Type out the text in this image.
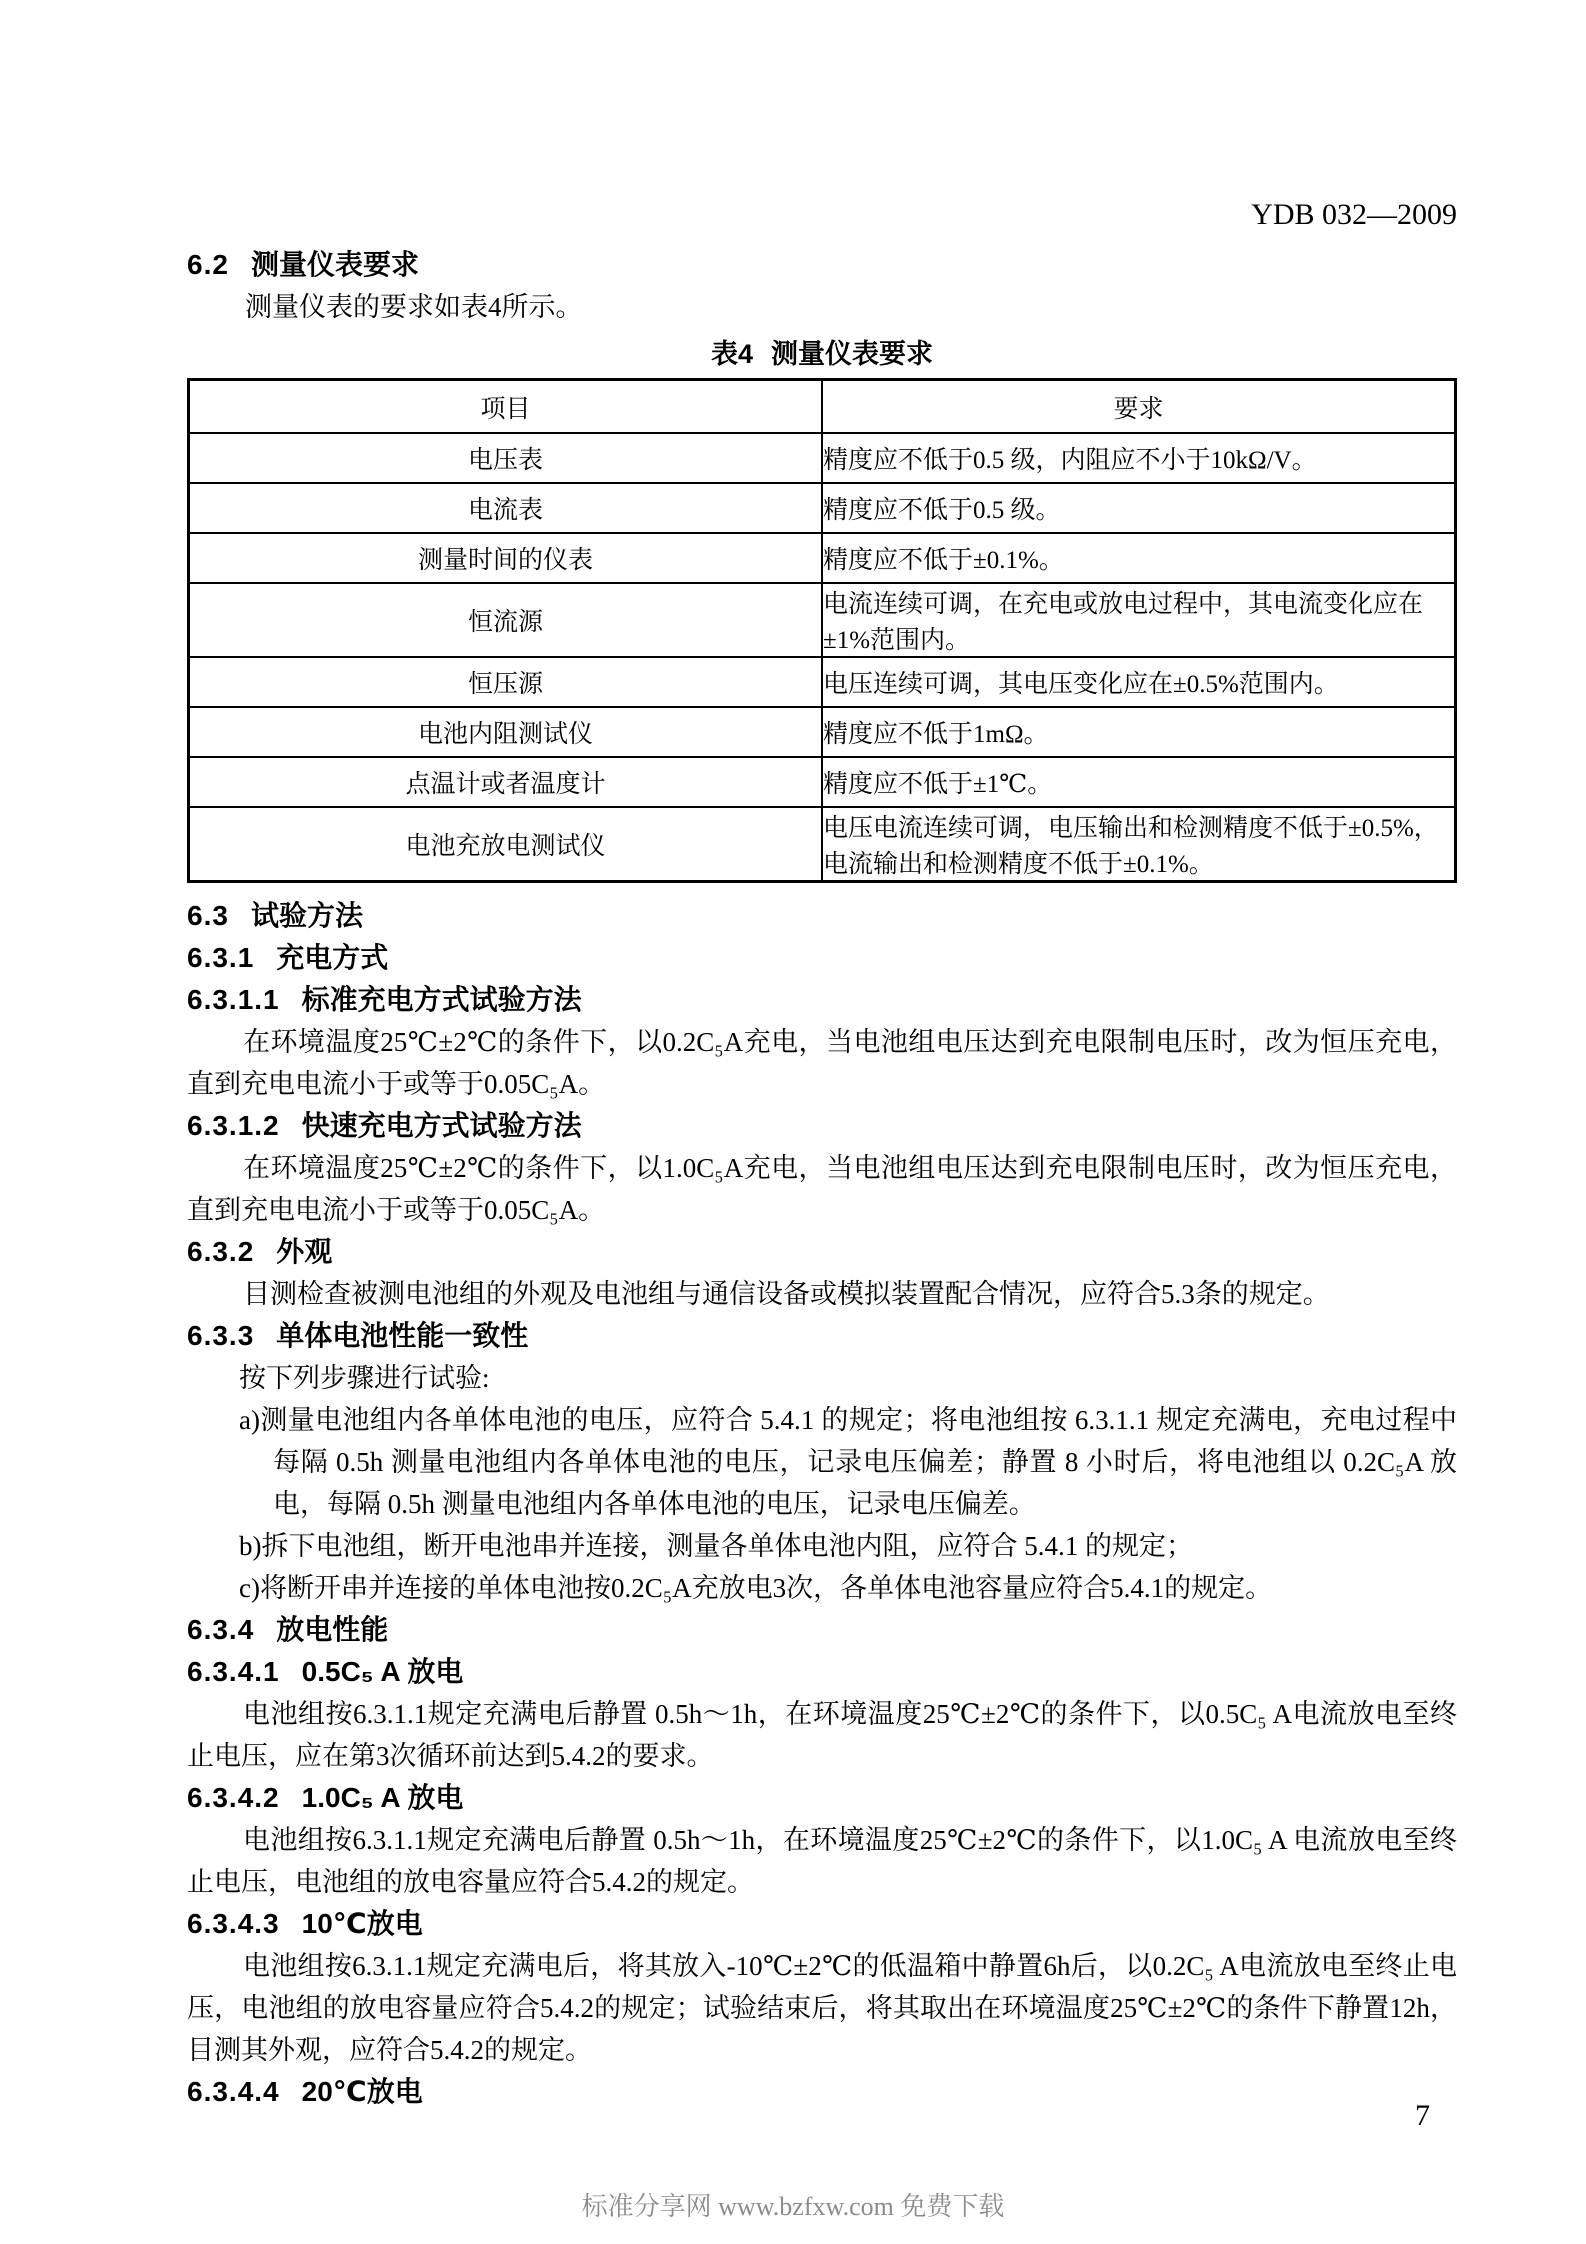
YDB 032—2009

6.2 测量仪表要求

测量仪表的要求如表4所示。

表4 测量仪表要求
项目	要求
电压表	精度应不低于0.5 级，内阻应不小于10kΩ/V。
电流表	精度应不低于0.5 级。
测量时间的仪表	精度应不低于±0.1%。
恒流源	电流连续可调，在充电或放电过程中，其电流变化应在±1%范围内。
恒压源	电压连续可调，其电压变化应在±0.5%范围内。
电池内阻测试仪	精度应不低于1mΩ。
点温计或者温度计	精度应不低于±1℃。
电池充放电测试仪	电压电流连续可调，电压输出和检测精度不低于±0.5%，电流输出和检测精度不低于±0.1%。

6.3 试验方法

6.3.1 充电方式

6.3.1.1 标准充电方式试验方法

在环境温度25℃±2℃的条件下，以0.2C₅A充电，当电池组电压达到充电限制电压时，改为恒压充电，直到充电电流小于或等于0.05C₅A。

6.3.1.2 快速充电方式试验方法

在环境温度25℃±2℃的条件下，以1.0C₅A充电，当电池组电压达到充电限制电压时，改为恒压充电，直到充电电流小于或等于0.05C₅A。

6.3.2 外观

目测检查被测电池组的外观及电池组与通信设备或模拟装置配合情况，应符合5.3条的规定。

6.3.3 单体电池性能一致性

按下列步骤进行试验:

a)测量电池组内各单体电池的电压，应符合 5.4.1 的规定；将电池组按 6.3.1.1 规定充满电，充电过程中每隔 0.5h 测量电池组内各单体电池的电压，记录电压偏差；静置 8 小时后，将电池组以 0.2C₅A 放电，每隔 0.5h 测量电池组内各单体电池的电压，记录电压偏差。

b)拆下电池组，断开电池串并连接，测量各单体电池内阻，应符合 5.4.1 的规定；

c)将断开串并连接的单体电池按0.2C₅A充放电3次，各单体电池容量应符合5.4.1的规定。

6.3.4 放电性能

6.3.4.1 0.5C₅ A 放电

电池组按6.3.1.1规定充满电后静置 0.5h～1h，在环境温度25℃±2℃的条件下，以0.5C₅ A电流放电至终止电压，应在第3次循环前达到5.4.2的要求。

6.3.4.2 1.0C₅ A 放电

电池组按6.3.1.1规定充满电后静置 0.5h～1h，在环境温度25℃±2℃的条件下，以1.0C₅ A 电流放电至终止电压，电池组的放电容量应符合5.4.2的规定。

6.3.4.3 10℃放电

电池组按6.3.1.1规定充满电后，将其放入-10℃±2℃的低温箱中静置6h后，以0.2C₅ A电流放电至终止电压，电池组的放电容量应符合5.4.2的规定；试验结束后，将其取出在环境温度25℃±2℃的条件下静置12h，目测其外观，应符合5.4.2的规定。

6.3.4.4 20℃放电

7
标准分享网 www.bzfxw.com 免费下载
